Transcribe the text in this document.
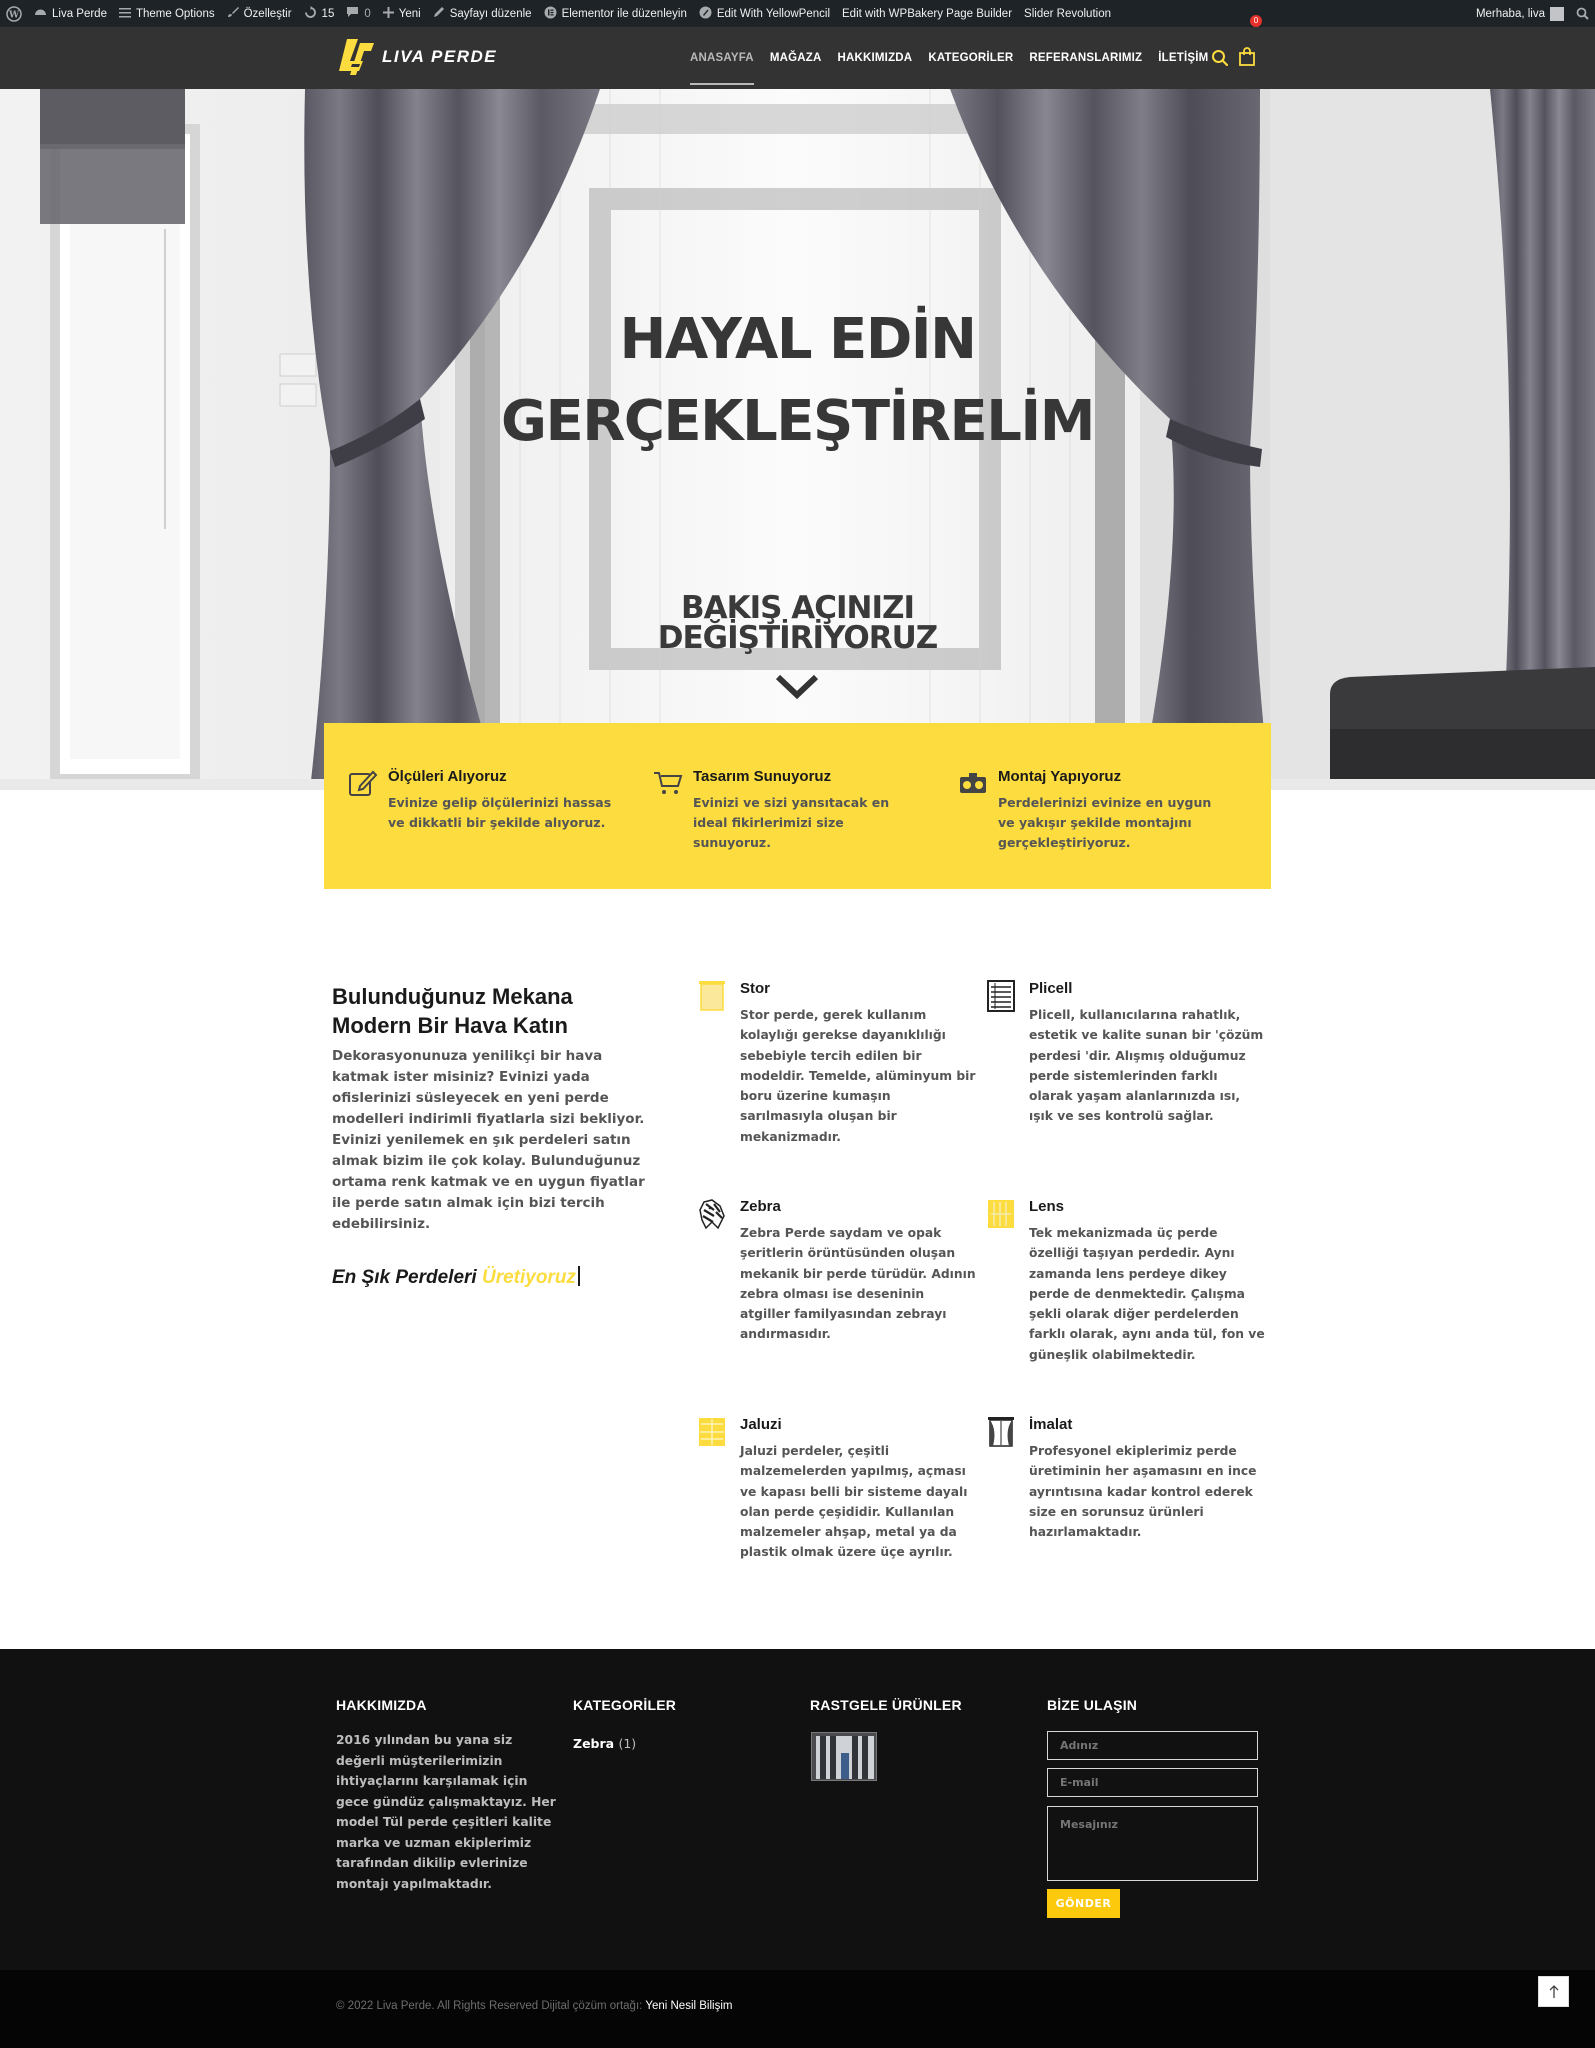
W	Liva Perde	Theme Options	Özelleştir	15	0 Yeni	Sayfayı düzenle	Elementor ile düzenleyin	Edit With YellowPencil Edit with WPBakery Page Builder Slider Revolution	Merhaba, liva
LIVA PERDE	ANASAYFA MAĞAZA HAKKIMIZDA KATEGORİLER REFERANSLARIMIZ İLETİŞİM
0
HAYAL EDİN
GERÇEKLEŞTİRELİM
BAKIŞ AÇINIZI
DEĞİŞTİRİYORUZ
Ölçüleri Alıyoruz
Evinize gelip ölçülerinizi hassas ve dikkatli bir şekilde alıyoruz.
Tasarım Sunuyoruz
Evinizi ve sizi yansıtacak en ideal fikirlerimizi size sunuyoruz.
Montaj Yapıyoruz
Perdelerinizi evinize en uygun ve yakışır şekilde montajını gerçekleştiriyoruz.
Bulunduğunuz Mekana Modern Bir Hava Katın

Dekorasyonunuza yenilikçi bir hava katmak ister misiniz? Evinizi yada ofislerinizi süsleyecek en yeni perde modelleri indirimli fiyatlarla sizi bekliyor. Evinizi yenilemek en şık perdeleri satın almak bizim ile çok kolay. Bulunduğunuz ortama renk katmak ve en uygun fiyatlar ile perde satın almak için bizi tercih edebilirsiniz.

En Şık Perdeleri Üretiyoruz
Stor
Stor perde, gerek kullanım kolaylığı gerekse dayanıklılığı sebebiyle tercih edilen bir modeldir. Temelde, alüminyum bir boru üzerine kumaşın sarılmasıyla oluşan bir mekanizmadır.
Plicell
Plicell, kullanıcılarına rahatlık, estetik ve kalite sunan bir 'çözüm perdesi 'dir. Alışmış olduğumuz perde sistemlerinden farklı olarak yaşam alanlarınızda ısı, ışık ve ses kontrolü sağlar.
Zebra
Zebra Perde saydam ve opak şeritlerin örüntüsünden oluşan mekanik bir perde türüdür. Adının zebra olması ise deseninin atgiller familyasından zebrayı andırmasıdır.
Lens
Tek mekanizmada üç perde özelliği taşıyan perdedir. Aynı zamanda lens perdeye dikey perde de denmektedir. Çalışma şekli olarak diğer perdelerden farklı olarak, aynı anda tül, fon ve güneşlik olabilmektedir.
Jaluzi
Jaluzi perdeler, çeşitli malzemelerden yapılmış, açması ve kapası belli bir sisteme dayalı olan perde çeşididir. Kullanılan malzemeler ahşap, metal ya da plastik olmak üzere üçe ayrılır.
İmalat
Profesyonel ekiplerimiz perde üretiminin her aşamasını en ince ayrıntısına kadar kontrol ederek size en sorunsuz ürünleri hazırlamaktadır.
HAKKIMIZDA

2016 yılından bu yana siz değerli müşterilerimizin ihtiyaçlarını karşılamak için gece gündüz çalışmaktayız. Her model Tül perde çeşitleri kalite marka ve uzman ekiplerimiz tarafından dikilip evlerinize montajı yapılmaktadır.

KATEGORİLER
Zebra (1)
RASTGELE ÜRÜNLER	BİZE ULAŞIN
Adınız
E-mail
Mesajınız
GÖNDER
© 2022 Liva Perde. All Rights Reserved Dijital çözüm ortağı: Yeni Nesil Bilişim
